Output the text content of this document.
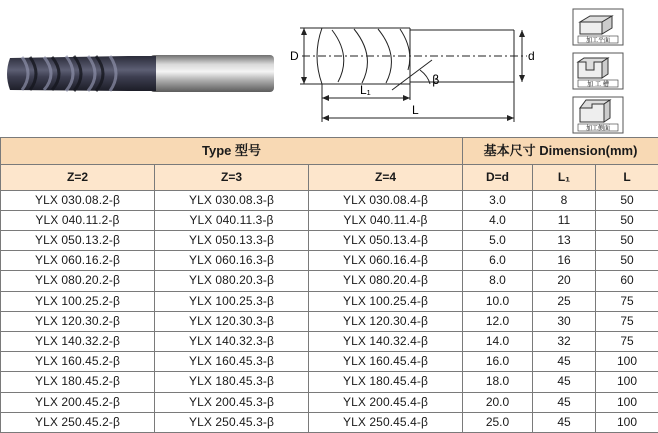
D	d
L₁
L
β
加工平面
加 工 槽
加工侧面
Type 型号			基本尺寸 Dimension(mm)		
Z=2	Z=3	Z=4	D=d	L₁	L
YLX 030.08.2-β	YLX 030.08.3-β	YLX 030.08.4-β	3.0	8	50
YLX 040.11.2-β	YLX 040.11.3-β	YLX 040.11.4-β	4.0	11	50
YLX 050.13.2-β	YLX 050.13.3-β	YLX 050.13.4-β	5.0	13	50
YLX 060.16.2-β	YLX 060.16.3-β	YLX 060.16.4-β	6.0	16	50
YLX 080.20.2-β	YLX 080.20.3-β	YLX 080.20.4-β	8.0	20	60
YLX 100.25.2-β	YLX 100.25.3-β	YLX 100.25.4-β	10.0	25	75
YLX 120.30.2-β	YLX 120.30.3-β	YLX 120.30.4-β	12.0	30	75
YLX 140.32.2-β	YLX 140.32.3-β	YLX 140.32.4-β	14.0	32	75
YLX 160.45.2-β	YLX 160.45.3-β	YLX 160.45.4-β	16.0	45	100
YLX 180.45.2-β	YLX 180.45.3-β	YLX 180.45.4-β	18.0	45	100
YLX 200.45.2-β	YLX 200.45.3-β	YLX 200.45.4-β	20.0	45	100
YLX 250.45.2-β	YLX 250.45.3-β	YLX 250.45.4-β	25.0	45	100
